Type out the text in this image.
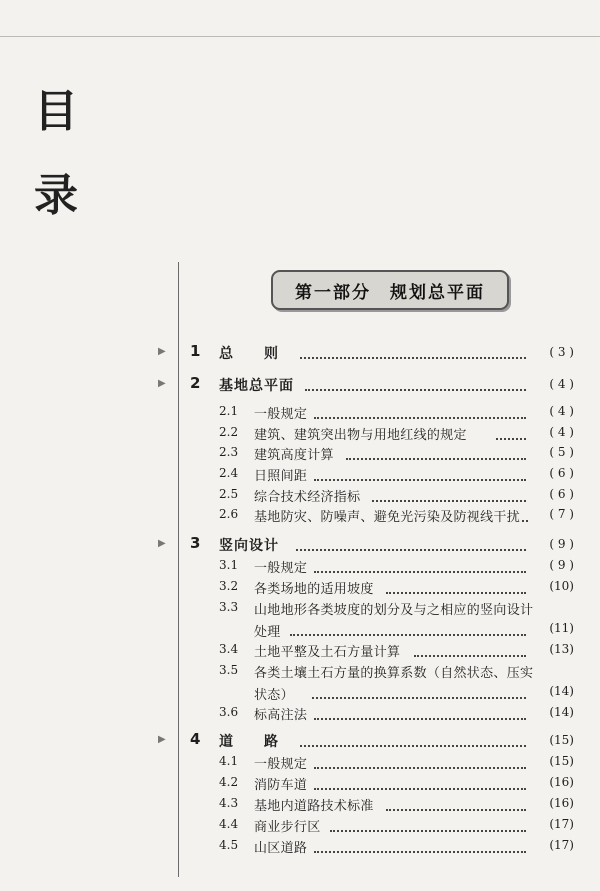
目
录
第一部分　规划总平面
▶ 1 总　　则	( 3 )
▶ 2 基地总平面	( 4 )
2.1 一般规定	( 4 )
2.2 建筑、建筑突出物与用地红线的规定	( 4 )
2.3 建筑高度计算	( 5 )
2.4 日照间距	( 6 )
2.5 综合技术经济指标	( 6 )
2.6 基地防灾、防噪声、避免光污染及防视线干扰	( 7 )
▶ 3 竖向设计	( 9 )
3.1 一般规定	( 9 )
3.2 各类场地的适用坡度	(10)
3.3 山地地形各类坡度的划分及与之相应的竖向设计
处理	(11)
3.4 土地平整及土石方量计算	(13)
3.5 各类土壤土石方量的换算系数（自然状态、压实
状态）	(14)
3.6 标高注法	(14)
▶ 4 道　　路	(15)
4.1 一般规定	(15)
4.2 消防车道	(16)
4.3 基地内道路技术标准	(16)
4.4 商业步行区	(17)
4.5 山区道路	(17)
